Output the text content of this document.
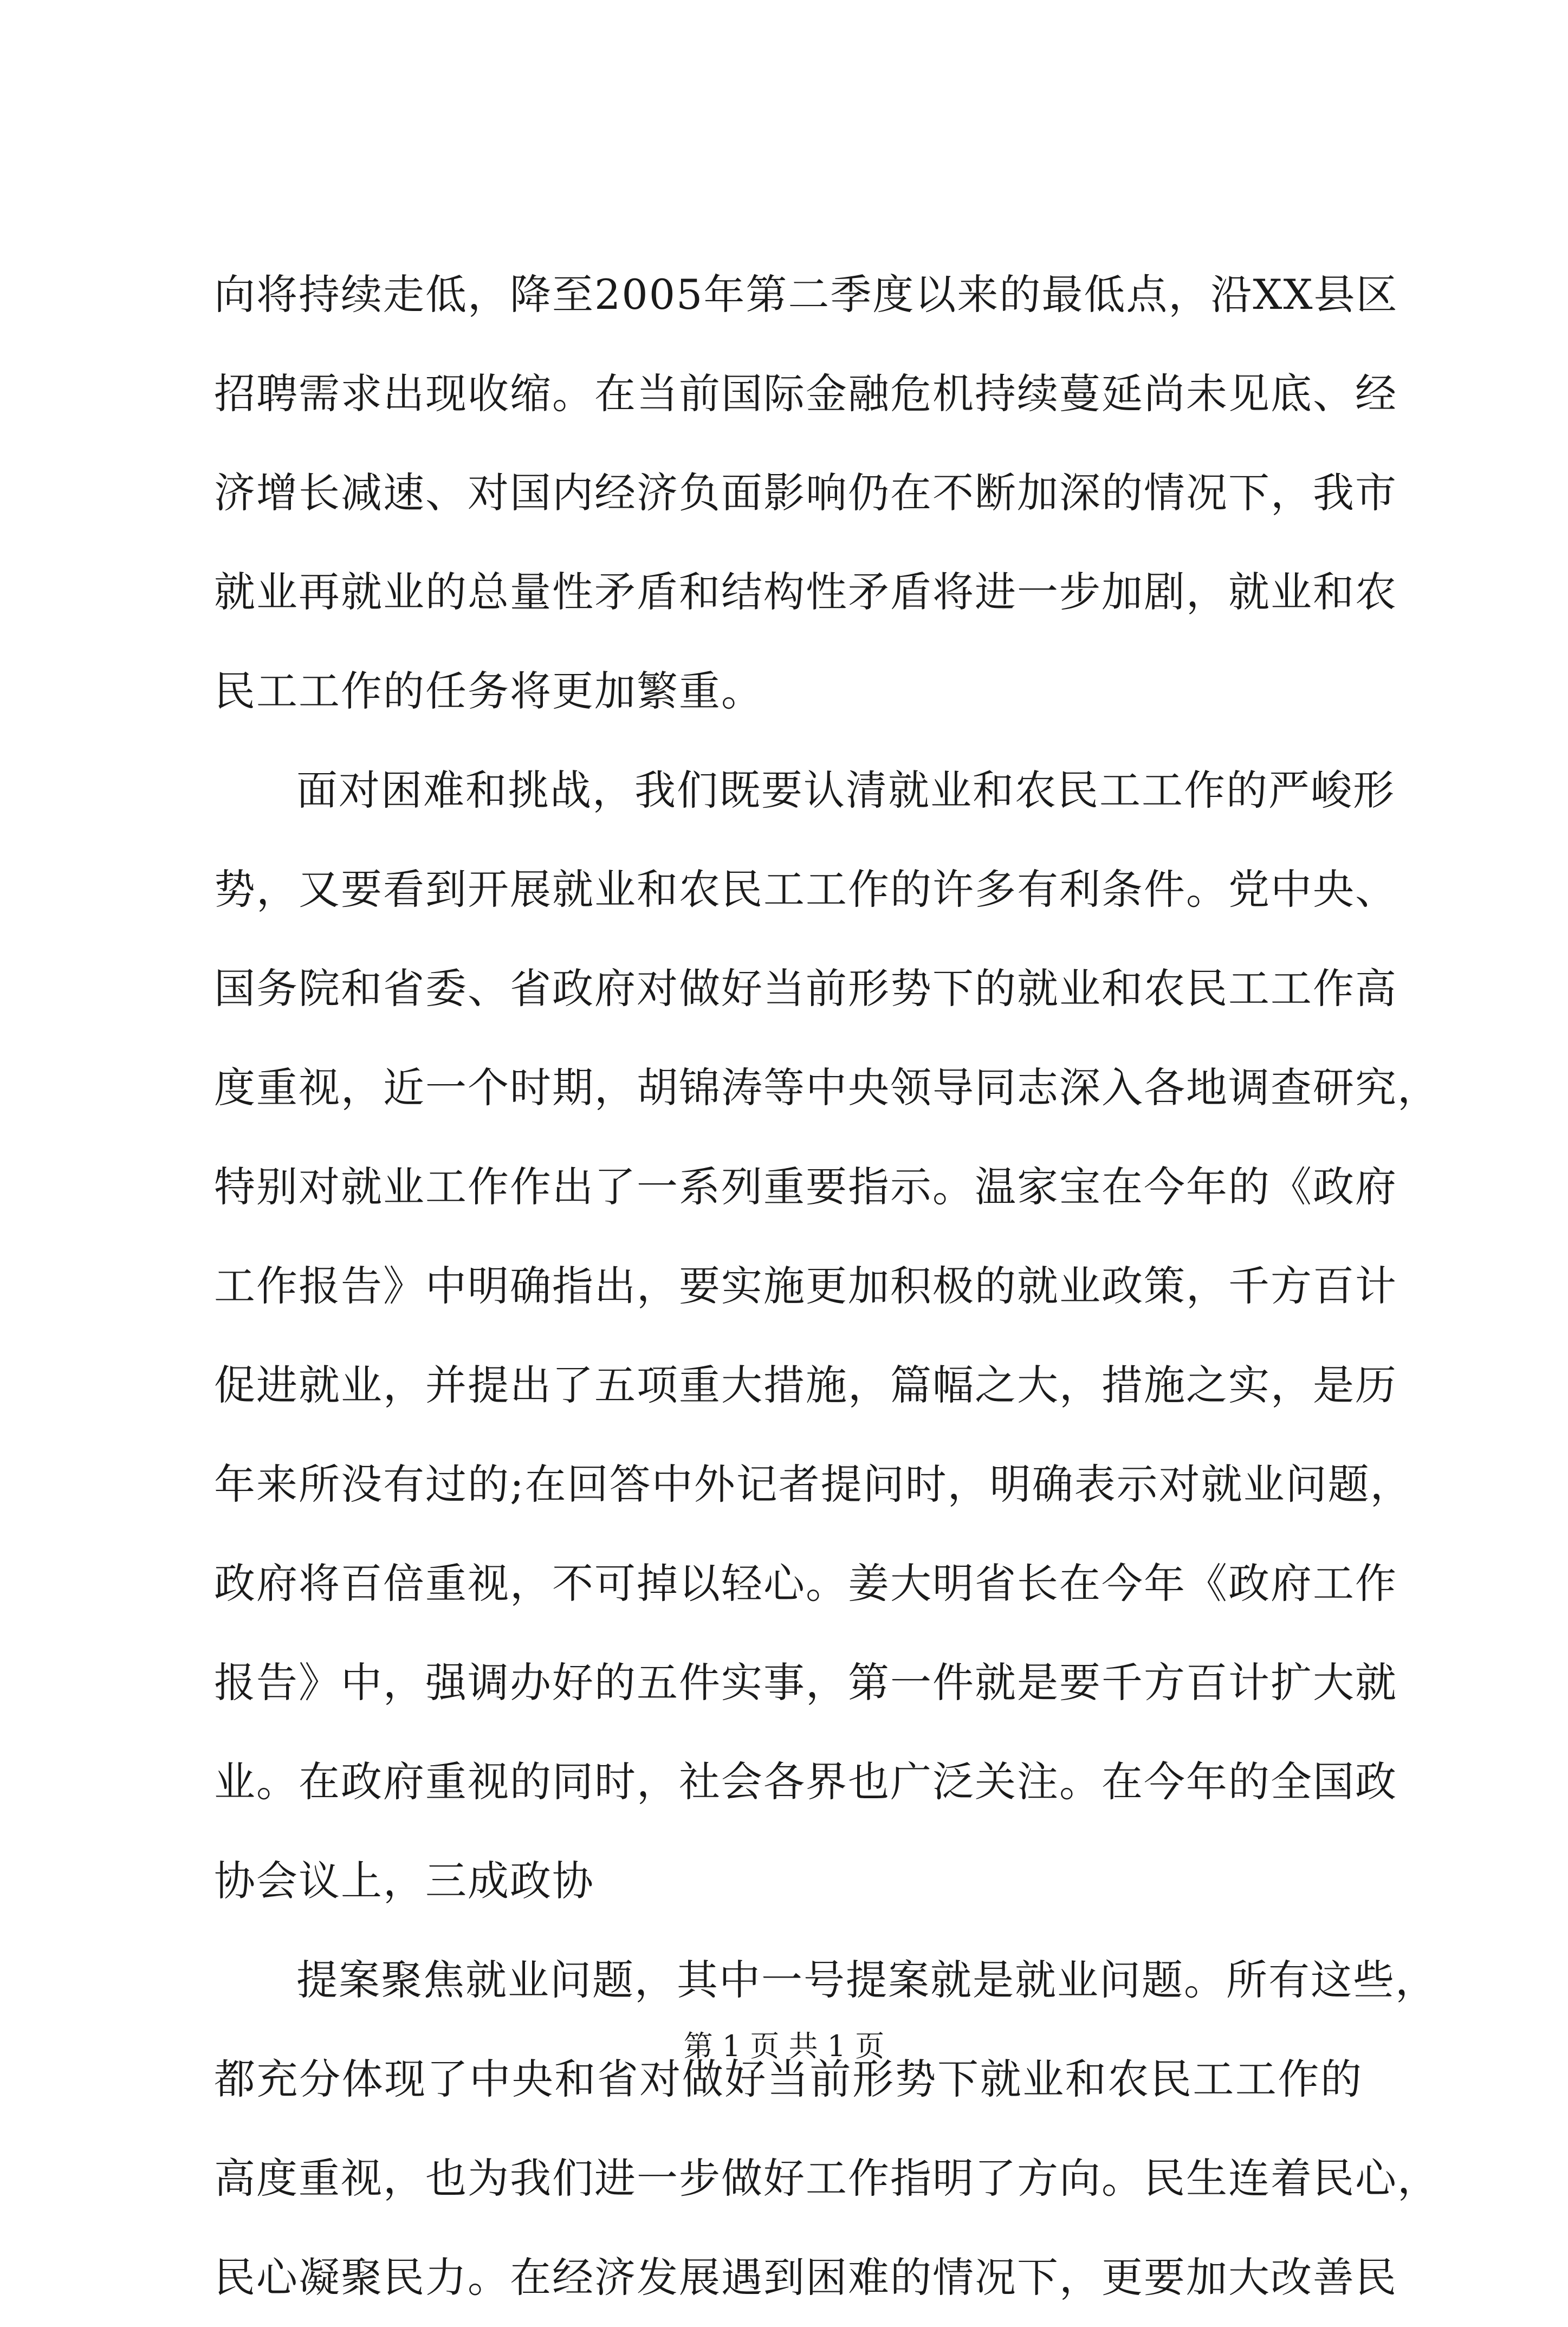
向将持续走低，降至2005年第二季度以来的最低点，沿XX县区
招聘需求出现收缩。在当前国际金融危机持续蔓延尚未见底、经
济增长减速、对国内经济负面影响仍在不断加深的情况下，我市
就业再就业的总量性矛盾和结构性矛盾将进一步加剧，就业和农
民工工作的任务将更加繁重。
面对困难和挑战，我们既要认清就业和农民工工作的严峻形
势，又要看到开展就业和农民工工作的许多有利条件。党中央、
国务院和省委、省政府对做好当前形势下的就业和农民工工作高
度重视，近一个时期，胡锦涛等中央领导同志深入各地调查研究，
特别对就业工作作出了一系列重要指示。温家宝在今年的《政府
工作报告》中明确指出，要实施更加积极的就业政策，千方百计
促进就业，并提出了五项重大措施，篇幅之大，措施之实，是历
年来所没有过的;在回答中外记者提问时，明确表示对就业问题，
政府将百倍重视，不可掉以轻心。姜大明省长在今年《政府工作
报告》中，强调办好的五件实事，第一件就是要千方百计扩大就
业。在政府重视的同时，社会各界也广泛关注。在今年的全国政
协会议上，三成政协
提案聚焦就业问题，其中一号提案就是就业问题。所有这些，
都充分体现了中央和省对做好当前形势下就业和农民工工作的
高度重视，也为我们进一步做好工作指明了方向。民生连着民心，
民心凝聚民力。在经济发展遇到困难的情况下，更要加大改善民
第 1 页 共 1 页
